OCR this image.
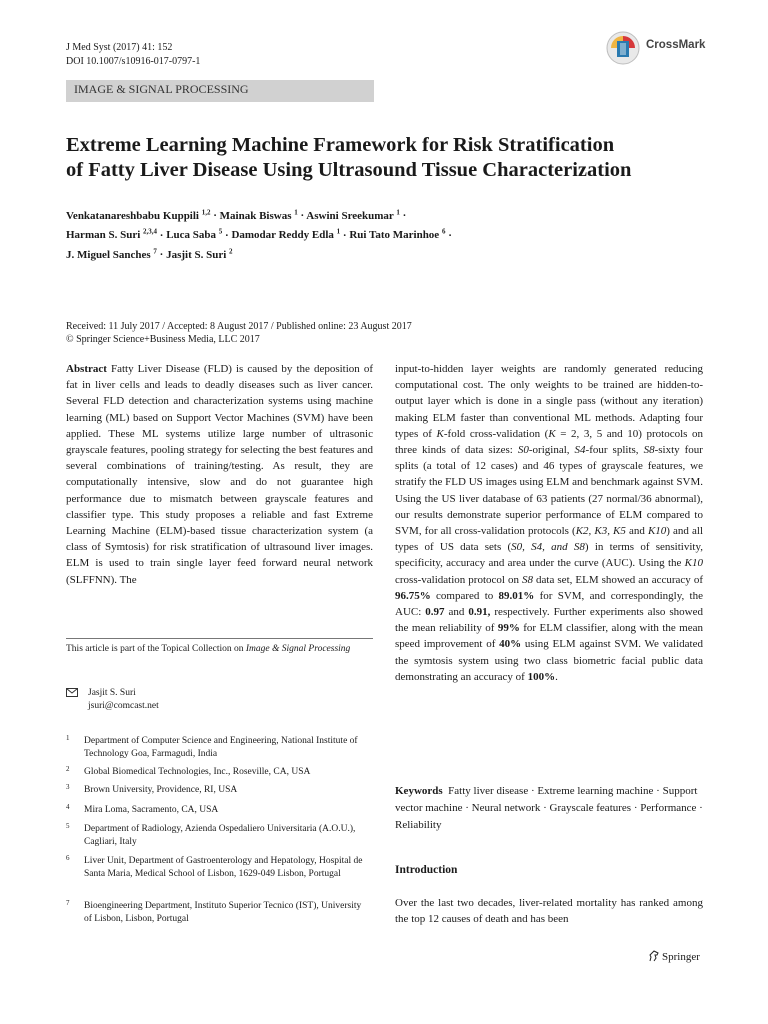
J Med Syst (2017) 41: 152
DOI 10.1007/s10916-017-0797-1
CrossMark
IMAGE & SIGNAL PROCESSING
Extreme Learning Machine Framework for Risk Stratification
of Fatty Liver Disease Using Ultrasound Tissue Characterization
Venkatanareshbabu Kuppili $^{1,2}$ · Mainak Biswas $^1$ · Aswini Sreekumar $^1$ ·
Harman S. Suri $^{2,3,4}$ · Luca Saba $^5$ · Damodar Reddy Edla $^1$ · Rui Tato Marinhoe $^6$ ·
J. Miguel Sanches $^7$ · Jasjit S. Suri $^2$
Received: 11 July 2017 / Accepted: 8 August 2017 / Published online: 23 August 2017
© Springer Science+Business Media, LLC 2017

Abstract Fatty Liver Disease (FLD) is caused by the deposition of fat in liver cells and leads to deadly diseases such as liver cancer. Several FLD detection and characterization systems using machine learning (ML) based on Support Vector Machines (SVM) have been applied. These ML systems utilize large number of ultrasonic grayscale features, pooling strategy for selecting the best features and several combinations of training/testing. As result, they are computationally intensive, slow and do not guarantee high performance due to mismatch between grayscale features and classifier type. This study proposes a reliable and fast Extreme Learning Machine (ELM)-based tissue characterization system (a class of Symtosis) for risk stratification of ultrasound liver images. ELM is used to train single layer feed forward neural network (SLFFNN). The

input-to-hidden layer weights are randomly generated reducing computational cost. The only weights to be trained are hidden-to-output layer which is done in a single pass (without any iteration) making ELM faster than conventional ML methods. Adapting four types of K-fold cross-validation (K = 2, 3, 5 and 10) protocols on three kinds of data sizes: S0-original, S4-four splits, S8-sixty four splits (a total of 12 cases) and 46 types of grayscale features, we stratify the FLD US images using ELM and benchmark against SVM. Using the US liver database of 63 patients (27 normal/36 abnormal), our results demonstrate superior performance of ELM compared to SVM, for all cross-validation protocols (K2, K3, K5 and K10) and all types of US data sets (S0, S4, and S8) in terms of sensitivity, specificity, accuracy and area under the curve (AUC). Using the K10 cross-validation protocol on S8 data set, ELM showed an accuracy of 96.75% compared to 89.01% for SVM, and correspondingly, the AUC: 0.97 and 0.91, respectively. Further experiments also showed the mean reliability of 99% for ELM classifier, along with the mean speed improvement of 40% using ELM against SVM. We validated the symtosis system using two class biometric facial public data demonstrating an accuracy of 100%.

Keywords Fatty liver disease · Extreme learning machine · Support vector machine · Neural network · Grayscale features · Performance · Reliability
This article is part of the Topical Collection on Image & Signal Processing
Jasjit S. Suri
jsuri@comcast.net
1 Department of Computer Science and Engineering, National Institute of Technology Goa, Farmagudi, India
2 Global Biomedical Technologies, Inc., Roseville, CA, USA
3 Brown University, Providence, RI, USA
4 Mira Loma, Sacramento, CA, USA
5 Department of Radiology, Azienda Ospedaliero Universitaria (A.O.U.), Cagliari, Italy
6 Liver Unit, Department of Gastroenterology and Hepatology, Hospital de Santa Maria, Medical School of Lisbon, 1629-049 Lisbon, Portugal
7 Bioengineering Department, Instituto Superior Tecnico (IST), University of Lisbon, Lisbon, Portugal
Introduction

Over the last two decades, liver-related mortality has ranked among the top 12 causes of death and has been

Springer
